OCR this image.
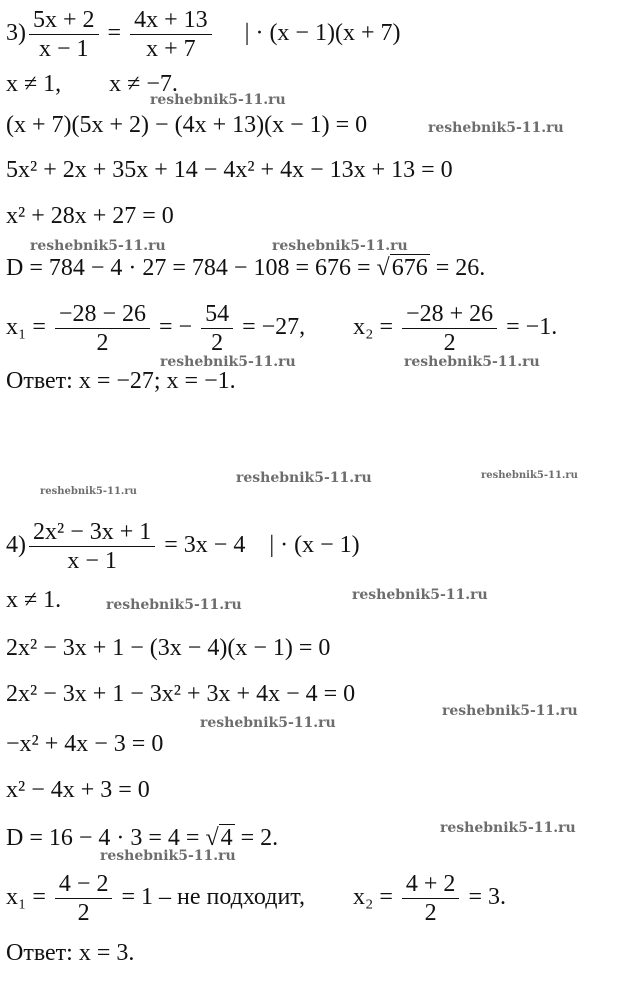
$3) \frac{5x + 2}{x - 1} = \frac{4x + 13}{x + 7}$ | · (x − 1)(x + 7)
x ≠ 1,        x ≠ −7.
(x + 7)(5x + 2) − (4x + 13)(x − 1) = 0
5x² + 2x + 35x + 14 − 4x² + 4x − 13x + 13 = 0
x² + 28x + 27 = 0
D = 784 − 4 · 27 = 784 − 108 = 676 = √676 = 26.
$x_1 = \frac{-28 - 26}{2}$ = − $\frac{54}{2} = -27$, $x_2 = \frac{-28 + 26}{2} = -1$.
Ответ: x = −27; x = −1.
$4) \frac{\text{2x² − 3x + 1}}{x - 1} = 3x - 4$ | · (x − 1)
x ≠ 1.
2x² − 3x + 1 − (3x − 4)(x − 1) = 0
2x² − 3x + 1 − 3x² + 3x + 4x − 4 = 0
−x² + 4x − 3 = 0
x² − 4x + 3 = 0
D = 16 − 4 · 3 = 4 = √4 = 2.
$x_1 = \frac{4 - 2}{2} = 1$ – не подходит, $x_2 = \frac{4 + 2}{2} = 3$.
Ответ: x = 3.
reshebnik5-11.ru
reshebnik5-11.ru
reshebnik5-11.ru	reshebnik5-11.ru
reshebnik5-11.ru	reshebnik5-11.ru
reshebnik5-11.ru	reshebnik5-11.ru
reshebnik5-11.ru
reshebnik5-11.ru
reshebnik5-11.ru
reshebnik5-11.ru
reshebnik5-11.ru
reshebnik5-11.ru
reshebnik5-11.ru
